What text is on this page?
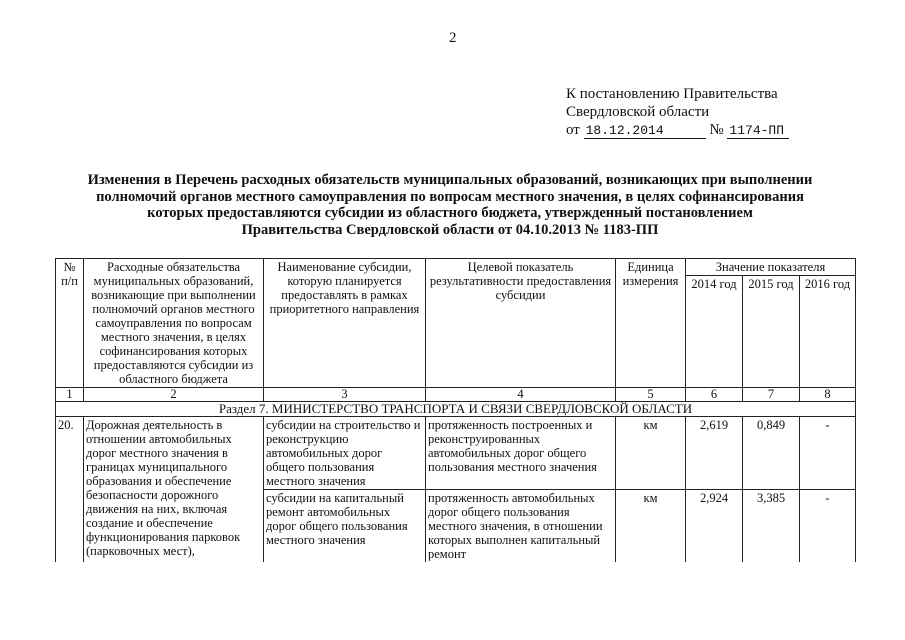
2
К постановлению Правительства
Свердловской области
от 18.12.2014	№ 1174-ПП
Изменения в Перечень расходных обязательств муниципальных образований, возникающих при выполнении
полномочий органов местного самоуправления по вопросам местного значения, в целях софинансирования
которых предоставляются субсидии из областного бюджета, утвержденный постановлением
Правительства Свердловской области от 04.10.2013 № 1183-ПП
№ п/п	Расходные обязательства муниципальных образований, возникающие при выполнении полномочий органов местного самоуправления по вопросам местного значения, в целях софинансирования которых предоставляются субсидии из областного бюджета	Наименование субсидии, которую планируется предоставлять в рамках приоритетного направления	Целевой показатель результативности предоставления субсидии	Единица измерения	Значение показателя		
					2014 год	2015 год	2016 год
1	2	3	4	5	6	7	8
Раздел 7. МИНИСТЕРСТВО ТРАНСПОРТА И СВЯЗИ СВЕРДЛОВСКОЙ ОБЛАСТИ							
20.	Дорожная деятельность в отношении автомобильных дорог местного значения в границах муниципального образования и обеспечение безопасности дорожного движения на них, включая создание и обеспечение функционирования парковок (парковочных мест),	субсидии на строительство и реконструкцию автомобильных дорог общего пользования местного значения	протяженность построенных и реконструированных автомобильных дорог общего пользования местного значения	км	2,619	0,849	-
		субсидии на капитальный ремонт автомобильных дорог общего пользования местного значения	протяженность автомобильных дорог общего пользования местного значения, в отношении которых выполнен капитальный ремонт	км	2,924	3,385	-
